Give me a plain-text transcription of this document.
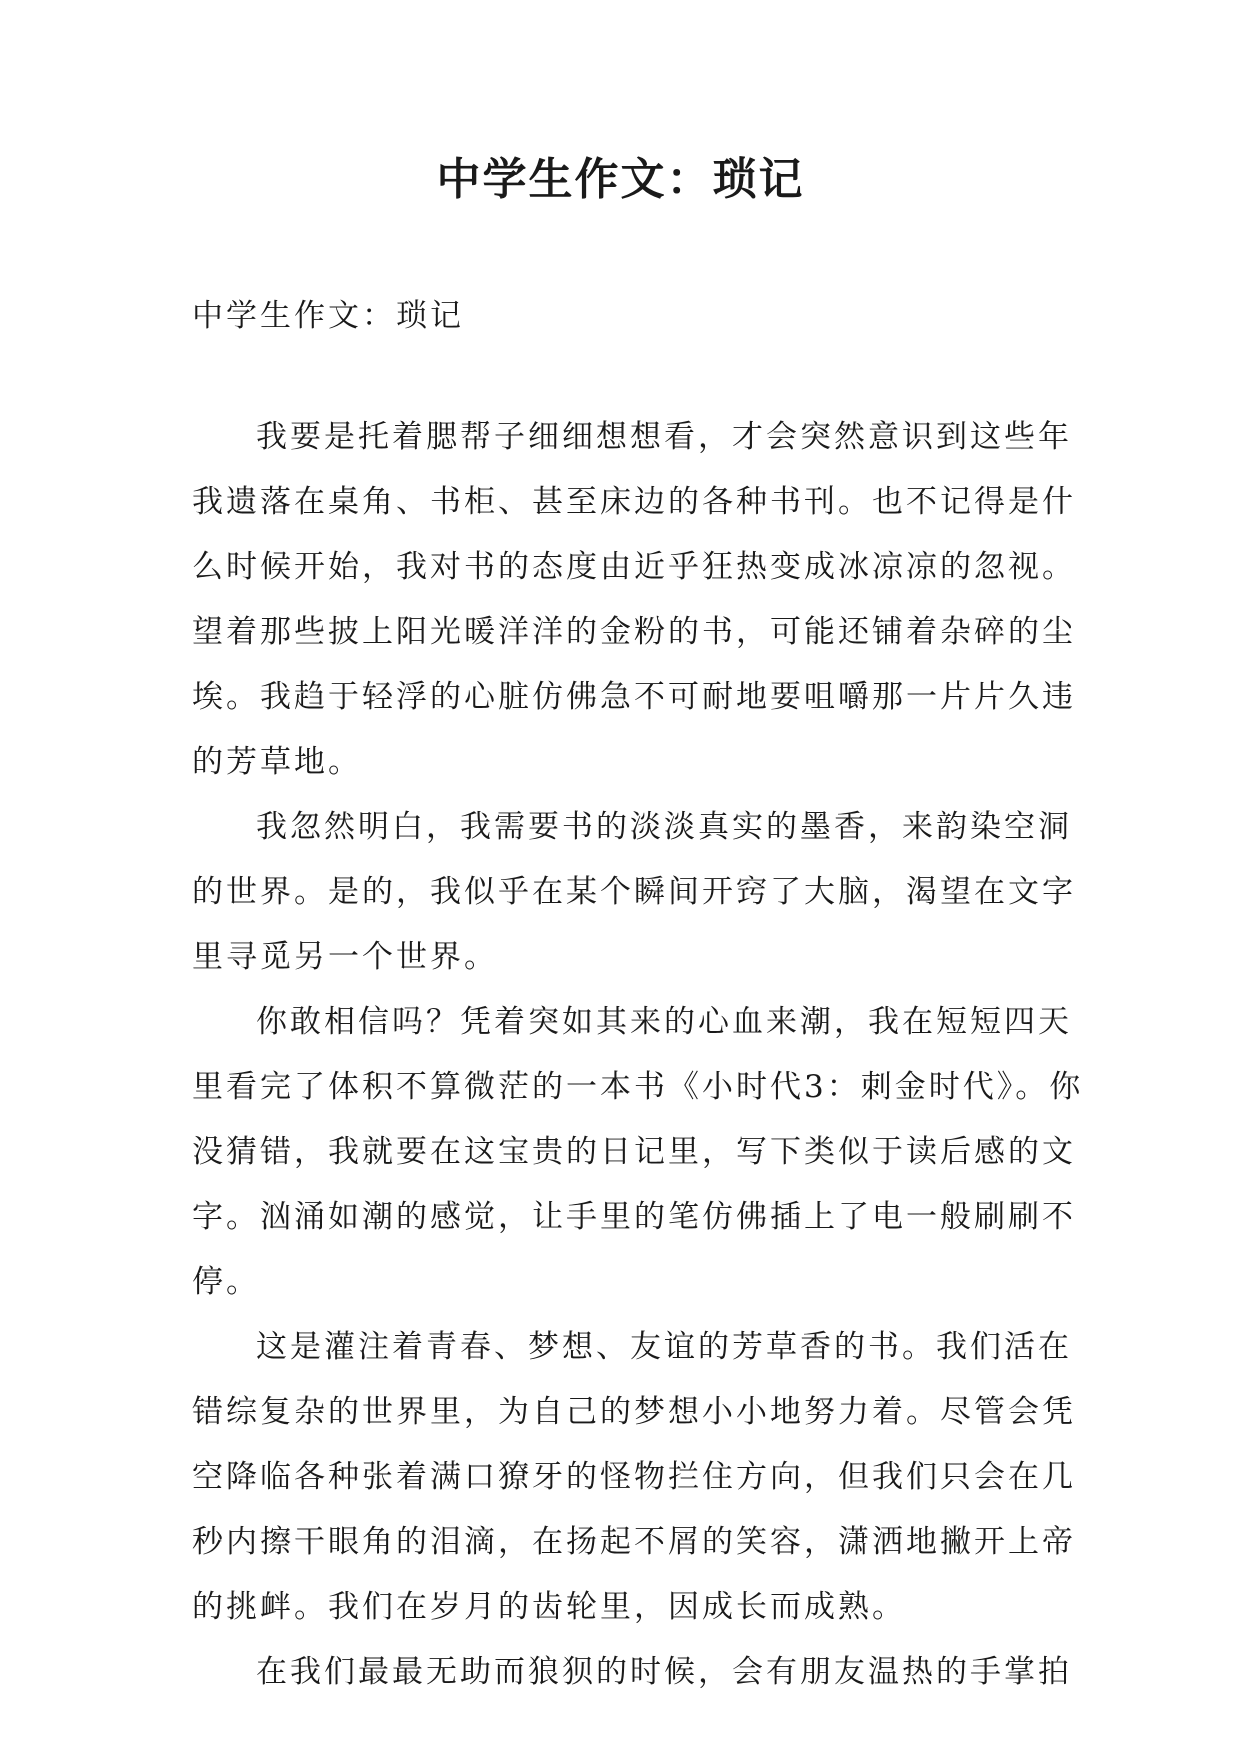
中学生作文：琐记

中学生作文：琐记

我要是托着腮帮子细细想想看，才会突然意识到这些年
我遗落在桌角、书柜、甚至床边的各种书刊。也不记得是什
么时候开始，我对书的态度由近乎狂热变成冰凉凉的忽视。
望着那些披上阳光暖洋洋的金粉的书，可能还铺着杂碎的尘
埃。我趋于轻浮的心脏仿佛急不可耐地要咀嚼那一片片久违
的芳草地。
我忽然明白，我需要书的淡淡真实的墨香，来韵染空洞
的世界。是的，我似乎在某个瞬间开窍了大脑，渴望在文字
里寻觅另一个世界。
你敢相信吗？凭着突如其来的心血来潮，我在短短四天
里看完了体积不算微茫的一本书《小时代3：刺金时代》。你
没猜错，我就要在这宝贵的日记里，写下类似于读后感的文
字。汹涌如潮的感觉，让手里的笔仿佛插上了电一般刷刷不
停。
这是灌注着青春、梦想、友谊的芳草香的书。我们活在
错综复杂的世界里，为自己的梦想小小地努力着。尽管会凭
空降临各种张着满口獠牙的怪物拦住方向，但我们只会在几
秒内擦干眼角的泪滴，在扬起不屑的笑容，潇洒地撇开上帝
的挑衅。我们在岁月的齿轮里，因成长而成熟。
在我们最最无助而狼狈的时候，会有朋友温热的手掌拍
